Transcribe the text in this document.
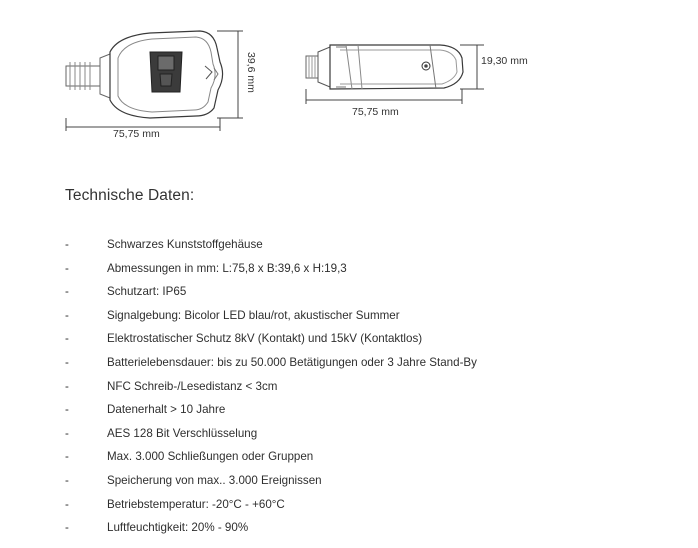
39,6 mm
75,75 mm
19,30 mm
75,75 mm
Technische Daten:
-	Schwarzes Kunststoffgehäuse
-	Abmessungen in mm: L:75,8 x B:39,6 x H:19,3
-	Schutzart: IP65
-	Signalgebung: Bicolor LED blau/rot, akustischer Summer
-	Elektrostatischer Schutz 8kV (Kontakt) und 15kV (Kontaktlos)
-	Batterielebensdauer: bis zu 50.000 Betätigungen oder 3 Jahre Stand-By
-	NFC Schreib-/Lesedistanz < 3cm
-	Datenerhalt > 10 Jahre
-	AES 128 Bit Verschlüsselung
-	Max. 3.000 Schließungen oder Gruppen
-	Speicherung von max.. 3.000 Ereignissen
-	Betriebstemperatur: -20°C - +60°C
-	Luftfeuchtigkeit: 20% - 90%
